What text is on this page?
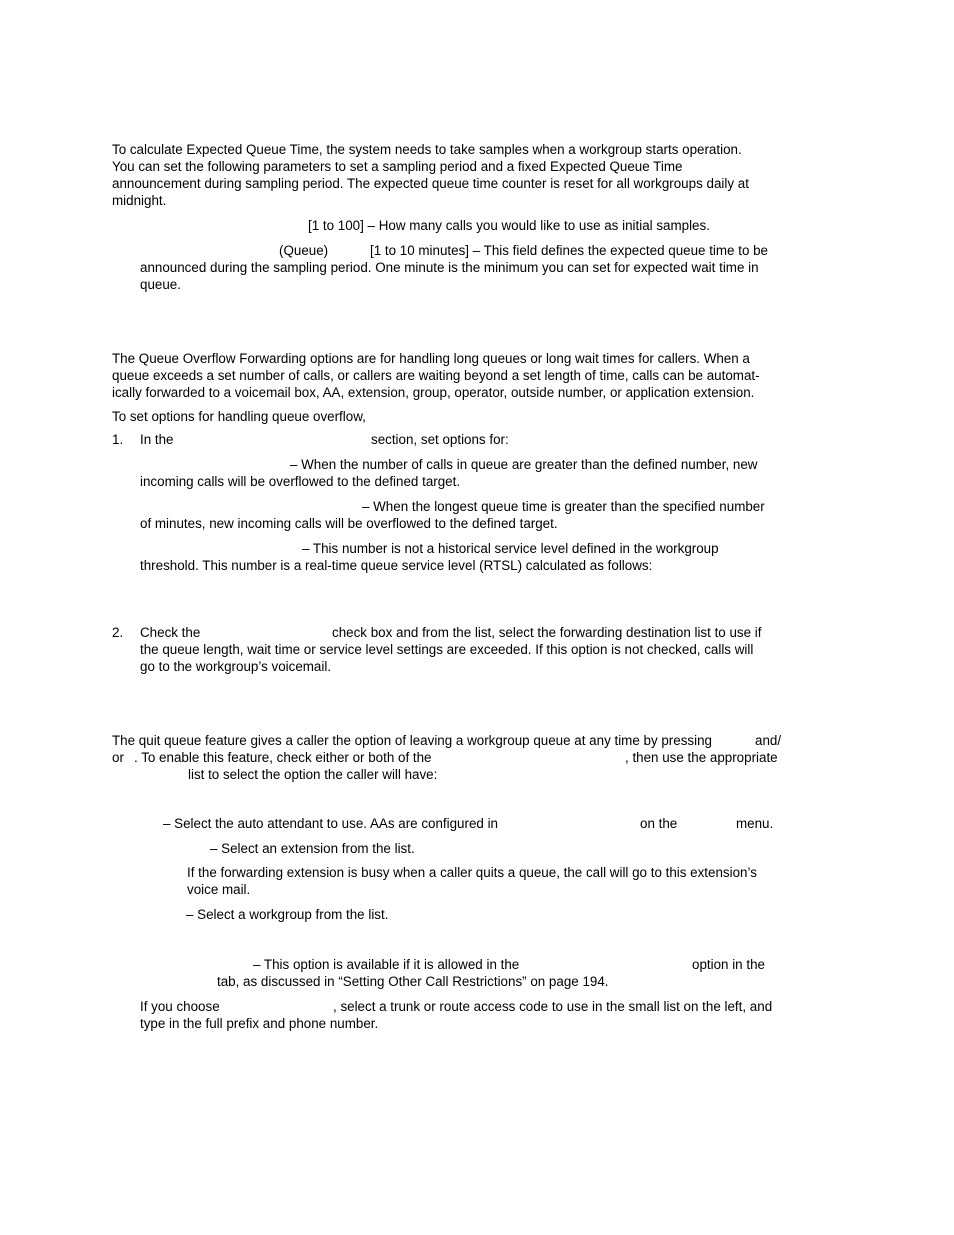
To calculate Expected Queue Time, the system needs to take samples when a workgroup starts operation.
You can set the following parameters to set a sampling period and a fixed Expected Queue Time
announcement during sampling period. The expected queue time counter is reset for all workgroups daily at
midnight.
[1 to 100] – How many calls you would like to use as initial samples.
(Queue)	[1 to 10 minutes] – This field defines the expected queue time to be
announced during the sampling period. One minute is the minimum you can set for expected wait time in
queue.
The Queue Overflow Forwarding options are for handling long queues or long wait times for callers. When a
queue exceeds a set number of calls, or callers are waiting beyond a set length of time, calls can be automat-
ically forwarded to a voicemail box, AA, extension, group, operator, outside number, or application extension.
To set options for handling queue overflow,
1. In the	section, set options for:
– When the number of calls in queue are greater than the defined number, new
incoming calls will be overflowed to the defined target.
– When the longest queue time is greater than the specified number
of minutes, new incoming calls will be overflowed to the defined target.
– This number is not a historical service level defined in the workgroup
threshold. This number is a real-time queue service level (RTSL) calculated as follows:
2. Check the	check box and from the list, select the forwarding destination list to use if
the queue length, wait time or service level settings are exceeded. If this option is not checked, calls will
go to the workgroup’s voicemail.
The quit queue feature gives a caller the option of leaving a workgroup queue at any time by pressing	and/
or . To enable this feature, check either or both of the	, then use the appropriate
list to select the option the caller will have:
– Select the auto attendant to use. AAs are configured in	on the	menu.
– Select an extension from the list.
If the forwarding extension is busy when a caller quits a queue, the call will go to this extension’s
voice mail.
– Select a workgroup from the list.
– This option is available if it is allowed in the	option in the
tab, as discussed in “Setting Other Call Restrictions” on page 194.
If you choose	, select a trunk or route access code to use in the small list on the left, and
type in the full prefix and phone number.
